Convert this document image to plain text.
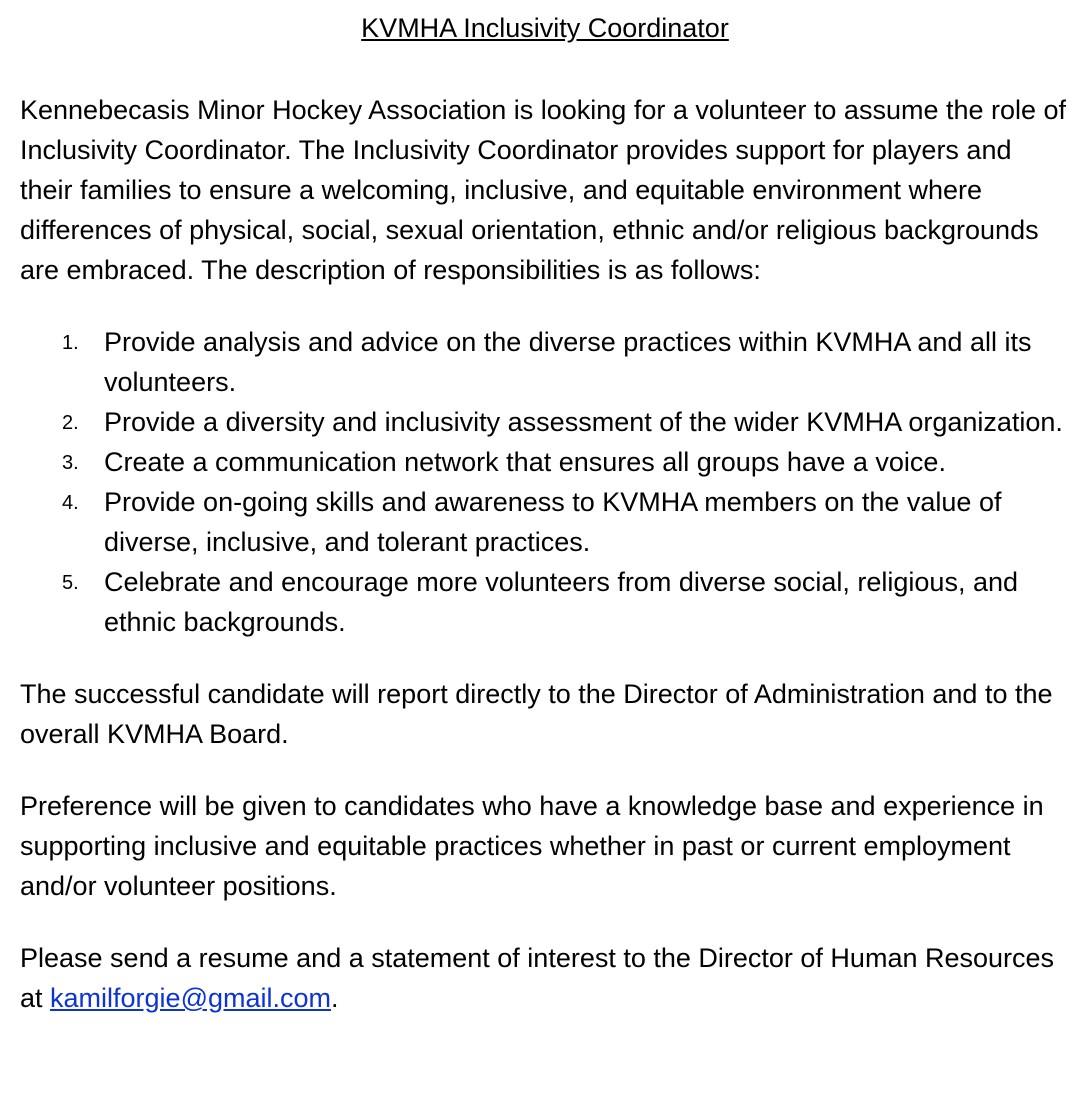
KVMHA Inclusivity Coordinator

Kennebecasis Minor Hockey Association is looking for a volunteer to assume the role of Inclusivity Coordinator. The Inclusivity Coordinator provides support for players and their families to ensure a welcoming, inclusive, and equitable environment where differences of physical, social, sexual orientation, ethnic and/or religious backgrounds are embraced. The description of responsibilities is as follows:

1. Provide analysis and advice on the diverse practices within KVMHA and all its volunteers.
2. Provide a diversity and inclusivity assessment of the wider KVMHA organization.
3. Create a communication network that ensures all groups have a voice.
4. Provide on-going skills and awareness to KVMHA members on the value of diverse, inclusive, and tolerant practices.
5. Celebrate and encourage more volunteers from diverse social, religious, and ethnic backgrounds.

The successful candidate will report directly to the Director of Administration and to the overall KVMHA Board.

Preference will be given to candidates who have a knowledge base and experience in supporting inclusive and equitable practices whether in past or current employment and/or volunteer positions.

Please send a resume and a statement of interest to the Director of Human Resources at kamilforgie@gmail.com.
